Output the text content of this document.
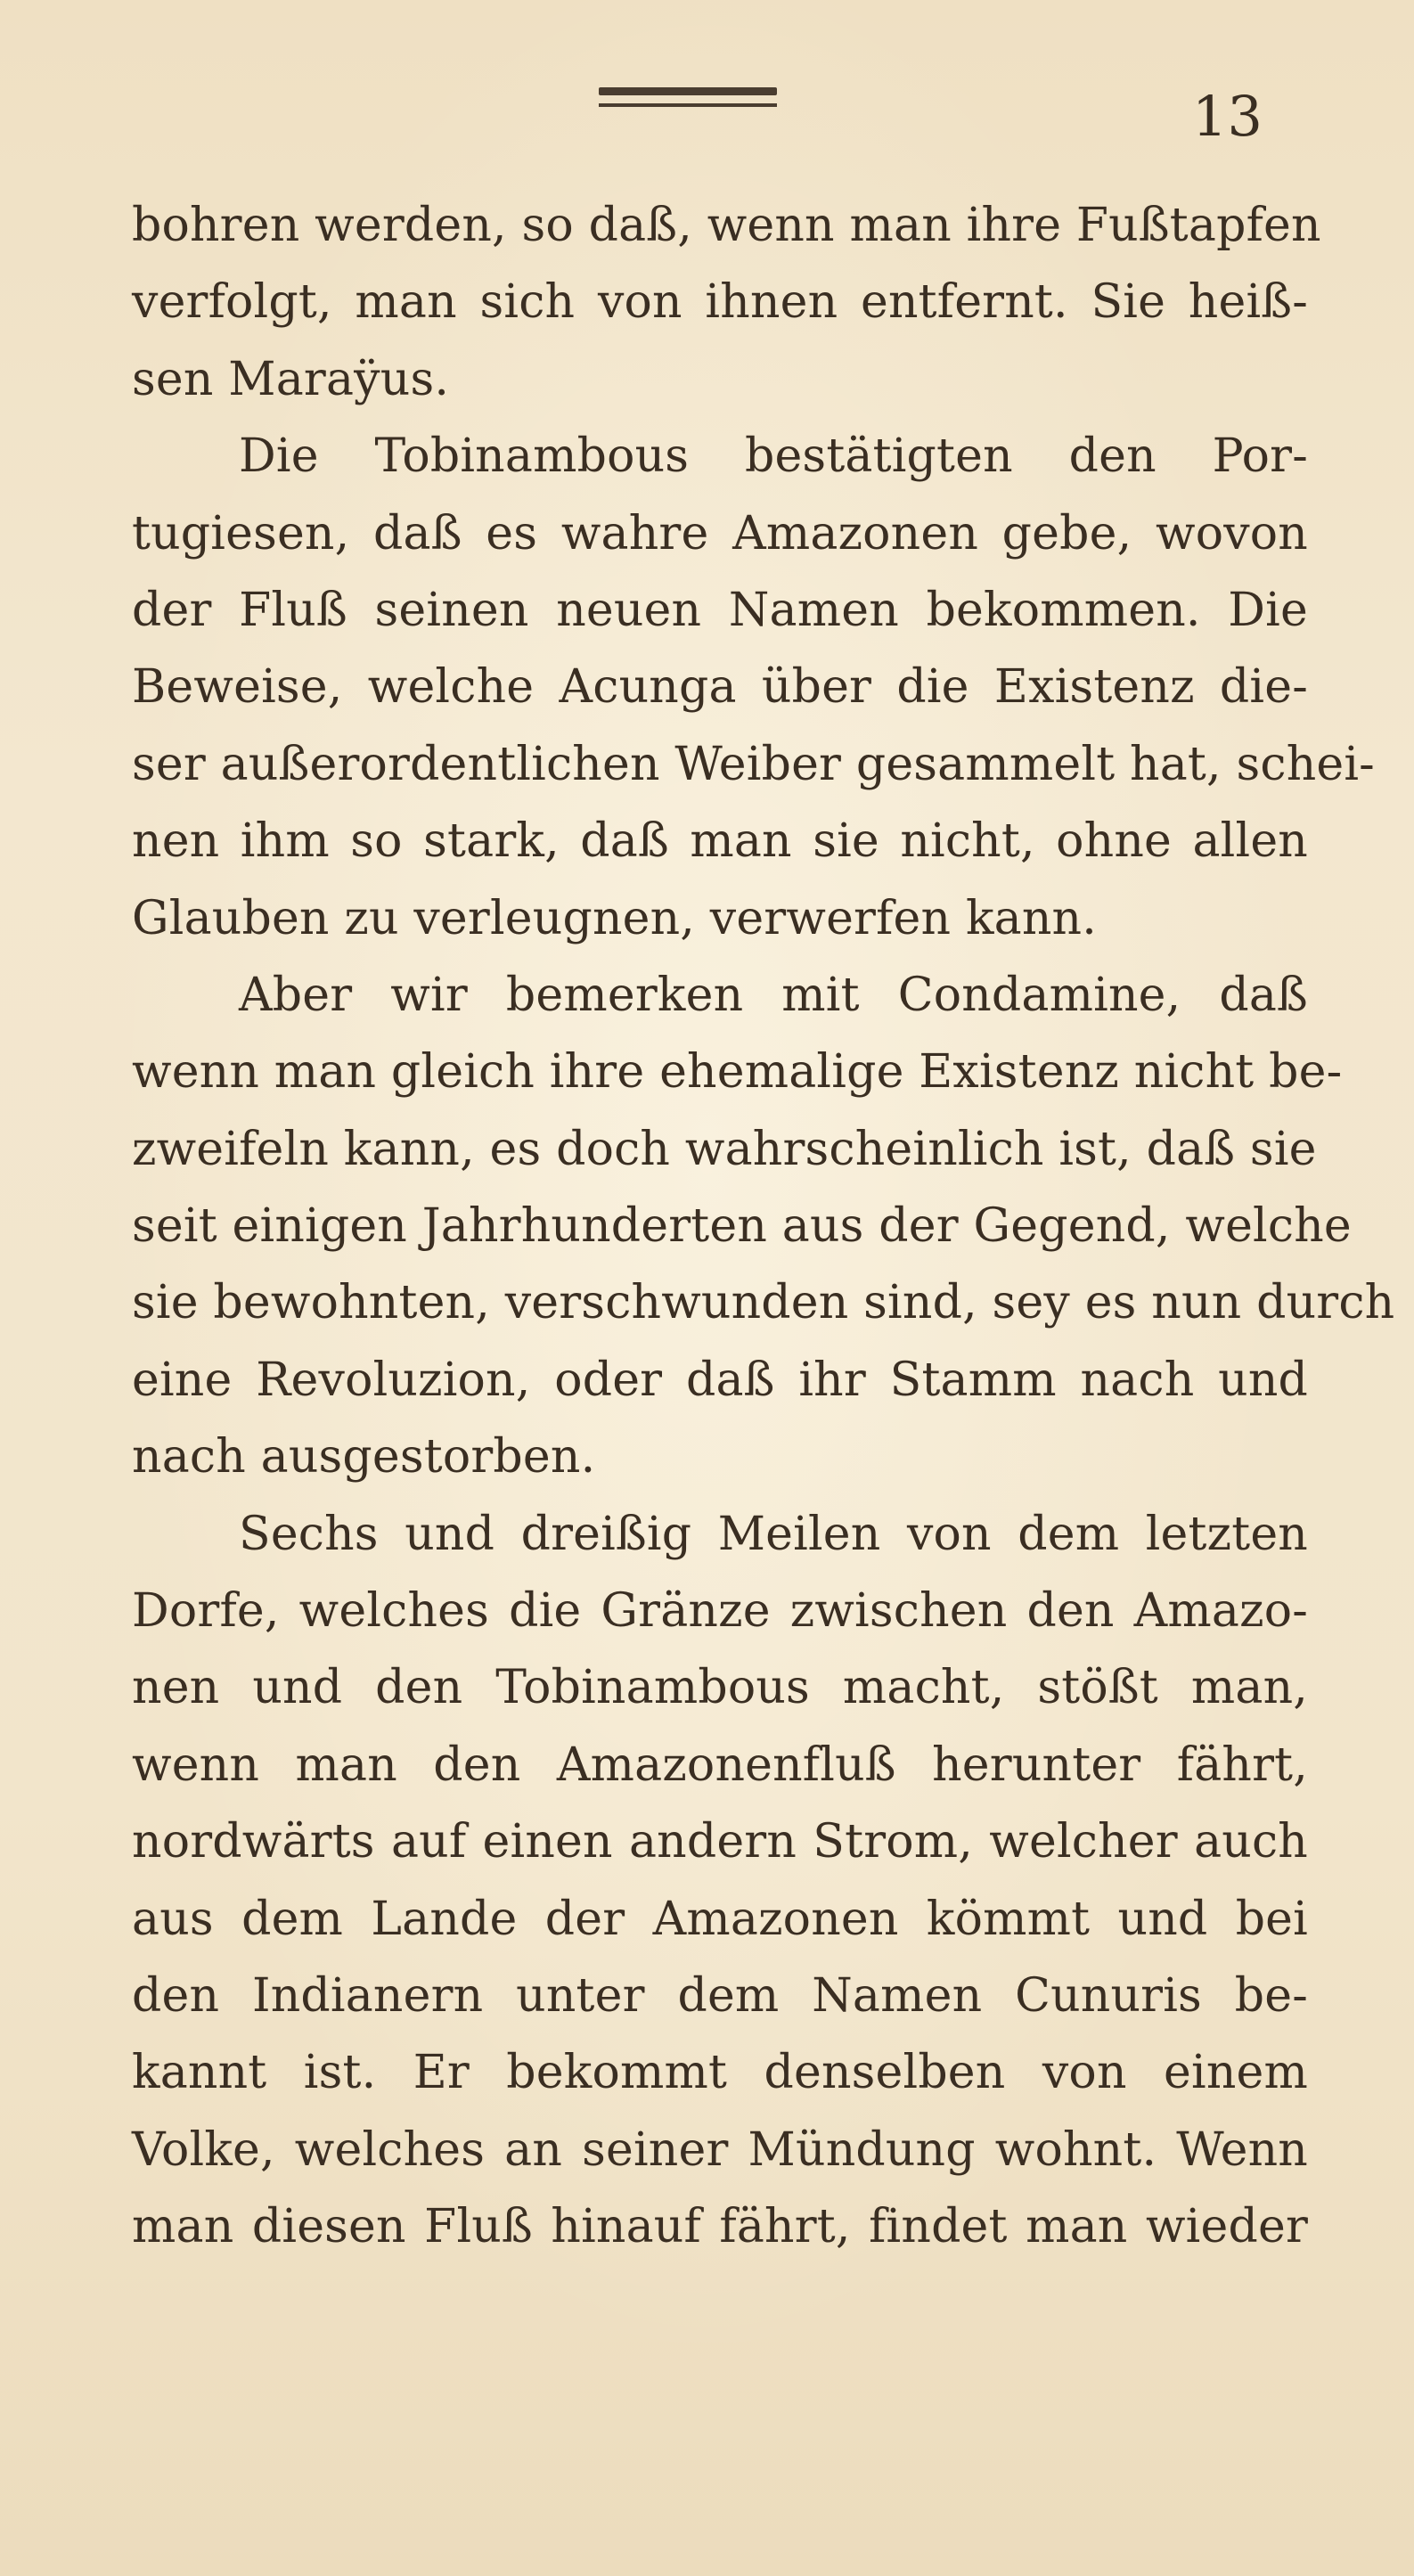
13
bohren werden, so daß, wenn man ihre Fußtapfen
verfolgt, man sich von ihnen entfernt. Sie heiß-
sen Maraÿus.
Die Tobinambous bestätigten den Por-
tugiesen, daß es wahre Amazonen gebe, wovon
der Fluß seinen neuen Namen bekommen. Die
Beweise, welche Acunga über die Existenz die-
ser außerordentlichen Weiber gesammelt hat, schei-
nen ihm so stark, daß man sie nicht, ohne allen
Glauben zu verleugnen, verwerfen kann.
Aber wir bemerken mit Condamine, daß
wenn man gleich ihre ehemalige Existenz nicht be-
zweifeln kann, es doch wahrscheinlich ist, daß sie
seit einigen Jahrhunderten aus der Gegend, welche
sie bewohnten, verschwunden sind, sey es nun durch
eine Revoluzion, oder daß ihr Stamm nach und
nach ausgestorben.
Sechs und dreißig Meilen von dem letzten
Dorfe, welches die Gränze zwischen den Amazo-
nen und den Tobinambous macht, stößt man,
wenn man den Amazonenfluß herunter fährt,
nordwärts auf einen andern Strom, welcher auch
aus dem Lande der Amazonen kömmt und bei
den Indianern unter dem Namen Cunuris be-
kannt ist. Er bekommt denselben von einem
Volke, welches an seiner Mündung wohnt. Wenn
man diesen Fluß hinauf fährt, findet man wieder
